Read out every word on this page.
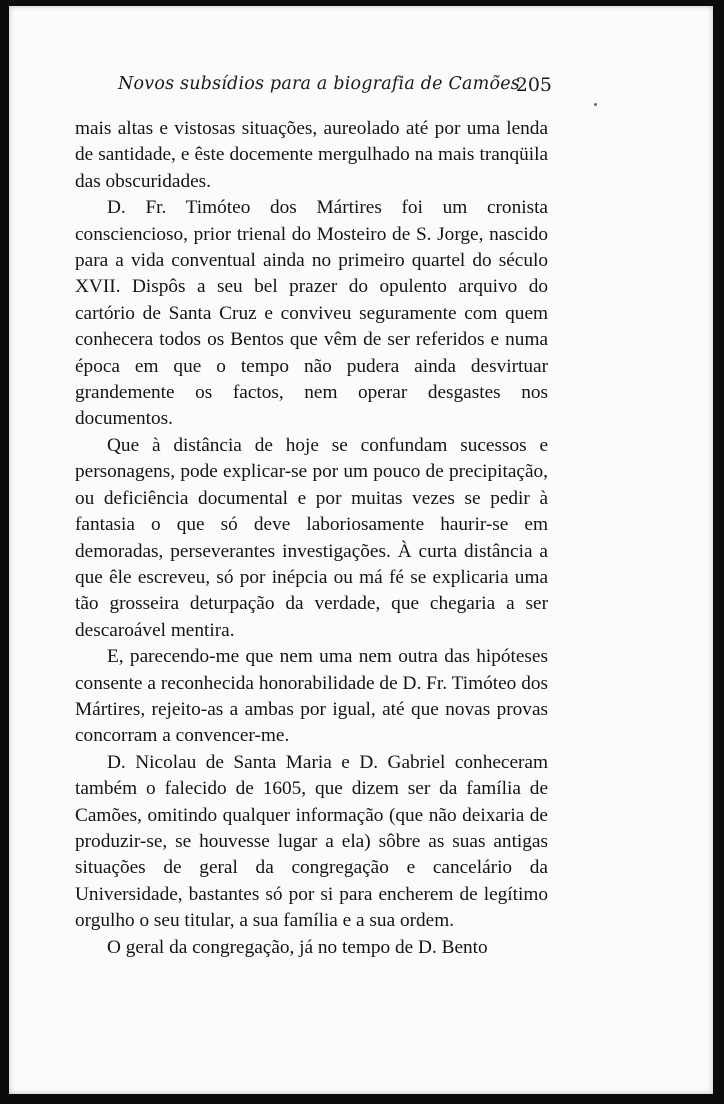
Novos subsídios para a biografia de Camões
205

mais altas e vistosas situações, aureolado até por uma lenda de santidade, e êste docemente mergulhado na mais tranqüila das obscuridades.

D. Fr. Timóteo dos Mártires foi um cronista consciencioso, prior trienal do Mosteiro de S. Jorge, nascido para a vida conventual ainda no primeiro quartel do século XVII. Dispôs a seu bel prazer do opulento arquivo do cartório de Santa Cruz e conviveu seguramente com quem conhecera todos os Bentos que vêm de ser referidos e numa época em que o tempo não pudera ainda desvirtuar grandemente os factos, nem operar desgastes nos documentos.

Que à distância de hoje se confundam sucessos e personagens, pode explicar-se por um pouco de precipitação, ou deficiência documental e por muitas vezes se pedir à fantasia o que só deve laboriosamente haurir-se em demoradas, perseverantes investigações. À curta distância a que êle escreveu, só por inépcia ou má fé se explicaria uma tão grosseira deturpação da verdade, que chegaria a ser descaroável mentira.

E, parecendo-me que nem uma nem outra das hipóteses consente a reconhecida honorabilidade de D. Fr. Timóteo dos Mártires, rejeito-as a ambas por igual, até que novas provas concorram a convencer-me.

D. Nicolau de Santa Maria e D. Gabriel conheceram também o falecido de 1605, que dizem ser da família de Camões, omitindo qualquer informação (que não deixaria de produzir-se, se houvesse lugar a ela) sôbre as suas antigas situações de geral da congregação e cancelário da Universidade, bastantes só por si para encherem de legítimo orgulho o seu titular, a sua família e a sua ordem.

O geral da congregação, já no tempo de D. Bento
